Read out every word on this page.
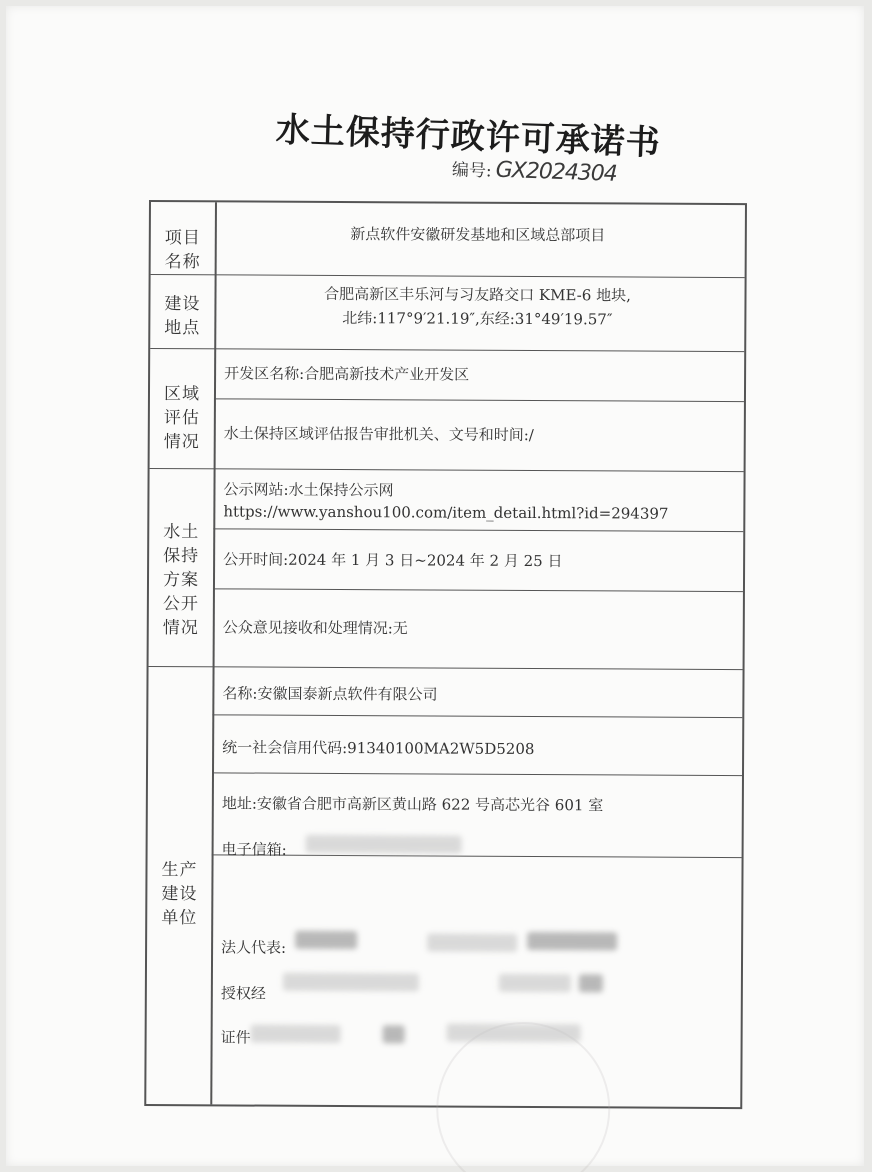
水土保持行政许可承诺书
编号: GX2024304
项目
名称
新点软件安徽研发基地和区域总部项目
建设
地点
合肥高新区丰乐河与习友路交口 KME-6 地块,
北纬:117°9′21.19″,东经:31°49′19.57″
区域
评估
情况
开发区名称:合肥高新技术产业开发区
水土保持区域评估报告审批机关、文号和时间:/
水土
保持
方案
公开
情况
公示网站:水土保持公示网
https://www.yanshou100.com/item_detail.html?id=294397
公开时间:2024 年 1 月 3 日~2024 年 2 月 25 日
公众意见接收和处理情况:无
生产
建设
单位
名称:安徽国泰新点软件有限公司
统一社会信用代码:91340100MA2W5D5208
地址:安徽省合肥市高新区黄山路 622 号高芯光谷 601 室
电子信箱:
法人代表:
授权经
证件
